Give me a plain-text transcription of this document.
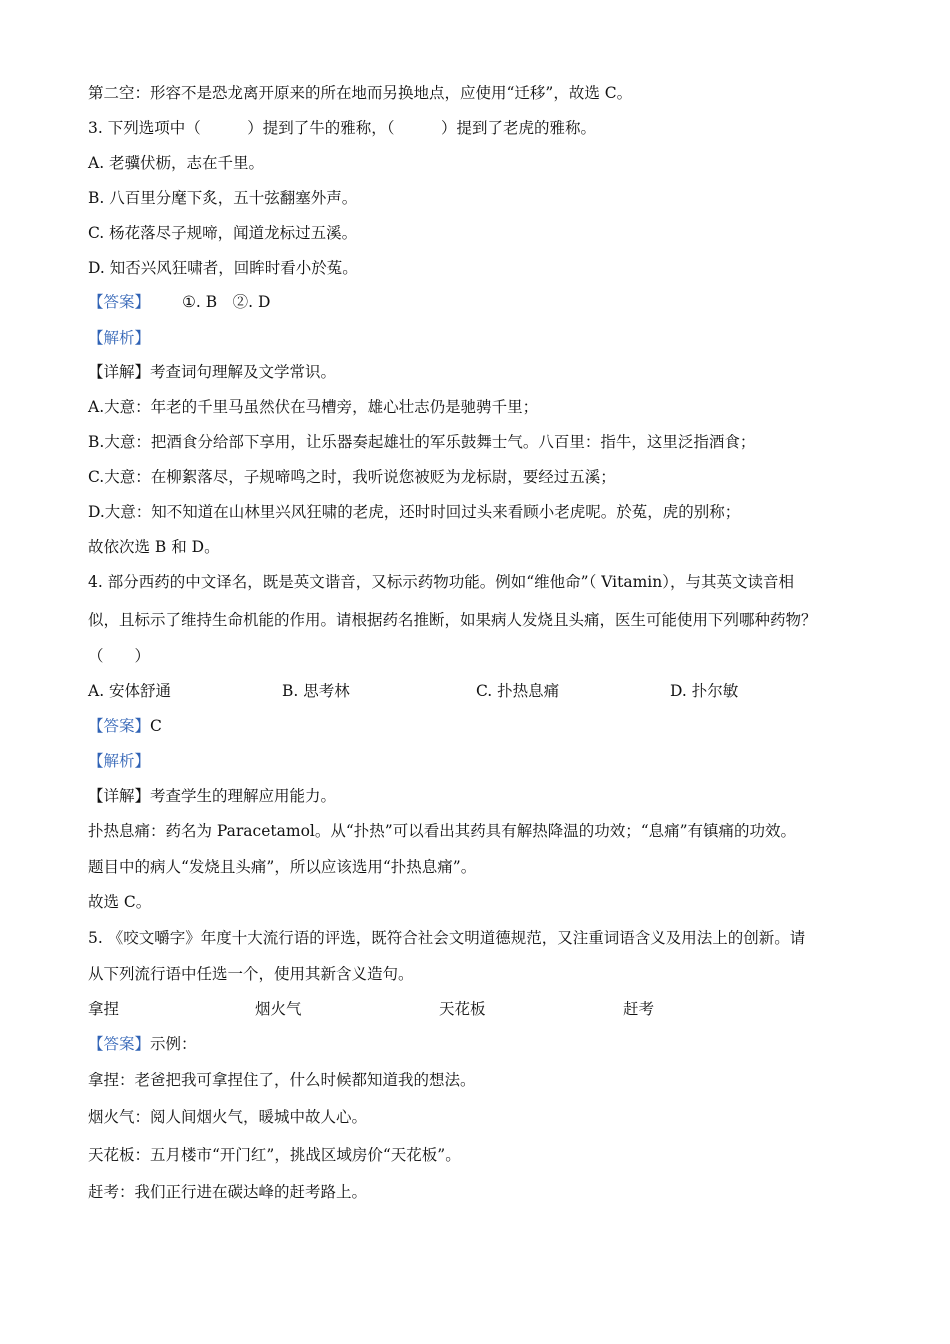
第二空：形容不是恐龙离开原来的所在地而另换地点，应使用“迁移”，故选 C。
3. 下列选项中（　　　）提到了牛的雅称，（　　　）提到了老虎的雅称。
A. 老骥伏枥，志在千里。
B. 八百里分麾下炙，五十弦翻塞外声。
C. 杨花落尽子规啼，闻道龙标过五溪。
D. 知否兴风狂啸者，回眸时看小於菟。
【答案】 ①. B　②. D
【解析】
【详解】考查词句理解及文学常识。
A.大意：年老的千里马虽然伏在马槽旁，雄心壮志仍是驰骋千里；
B.大意：把酒食分给部下享用，让乐器奏起雄壮的军乐鼓舞士气。八百里：指牛，这里泛指酒食；
C.大意：在柳絮落尽，子规啼鸣之时，我听说您被贬为龙标尉，要经过五溪；
D.大意：知不知道在山林里兴风狂啸的老虎，还时时回过头来看顾小老虎呢。於菟，虎的别称；
故依次选 B 和 D。
4. 部分西药的中文译名，既是英文谐音，又标示药物功能。例如“维他命”（ Vitamin），与其英文读音相
似，且标示了维持生命机能的作用。请根据药名推断，如果病人发烧且头痛，医生可能使用下列哪种药物？
（　　）
A. 安体舒通	B. 思考林	C. 扑热息痛	D. 扑尔敏
【答案】C
【解析】
【详解】考查学生的理解应用能力。
扑热息痛：药名为 Paracetamol。从“扑热”可以看出其药具有解热降温的功效；“息痛”有镇痛的功效。
题目中的病人“发烧且头痛”，所以应该选用“扑热息痛”。
故选 C。
5. 《咬文嚼字》年度十大流行语的评选，既符合社会文明道德规范，又注重词语含义及用法上的创新。请
从下列流行语中任选一个，使用其新含义造句。
拿捏	烟火气	天花板	赶考
【答案】示例：
拿捏：老爸把我可拿捏住了，什么时候都知道我的想法。
烟火气：阅人间烟火气，暖城中故人心。
天花板：五月楼市“开门红”，挑战区域房价“天花板”。
赶考：我们正行进在碳达峰的赶考路上。
